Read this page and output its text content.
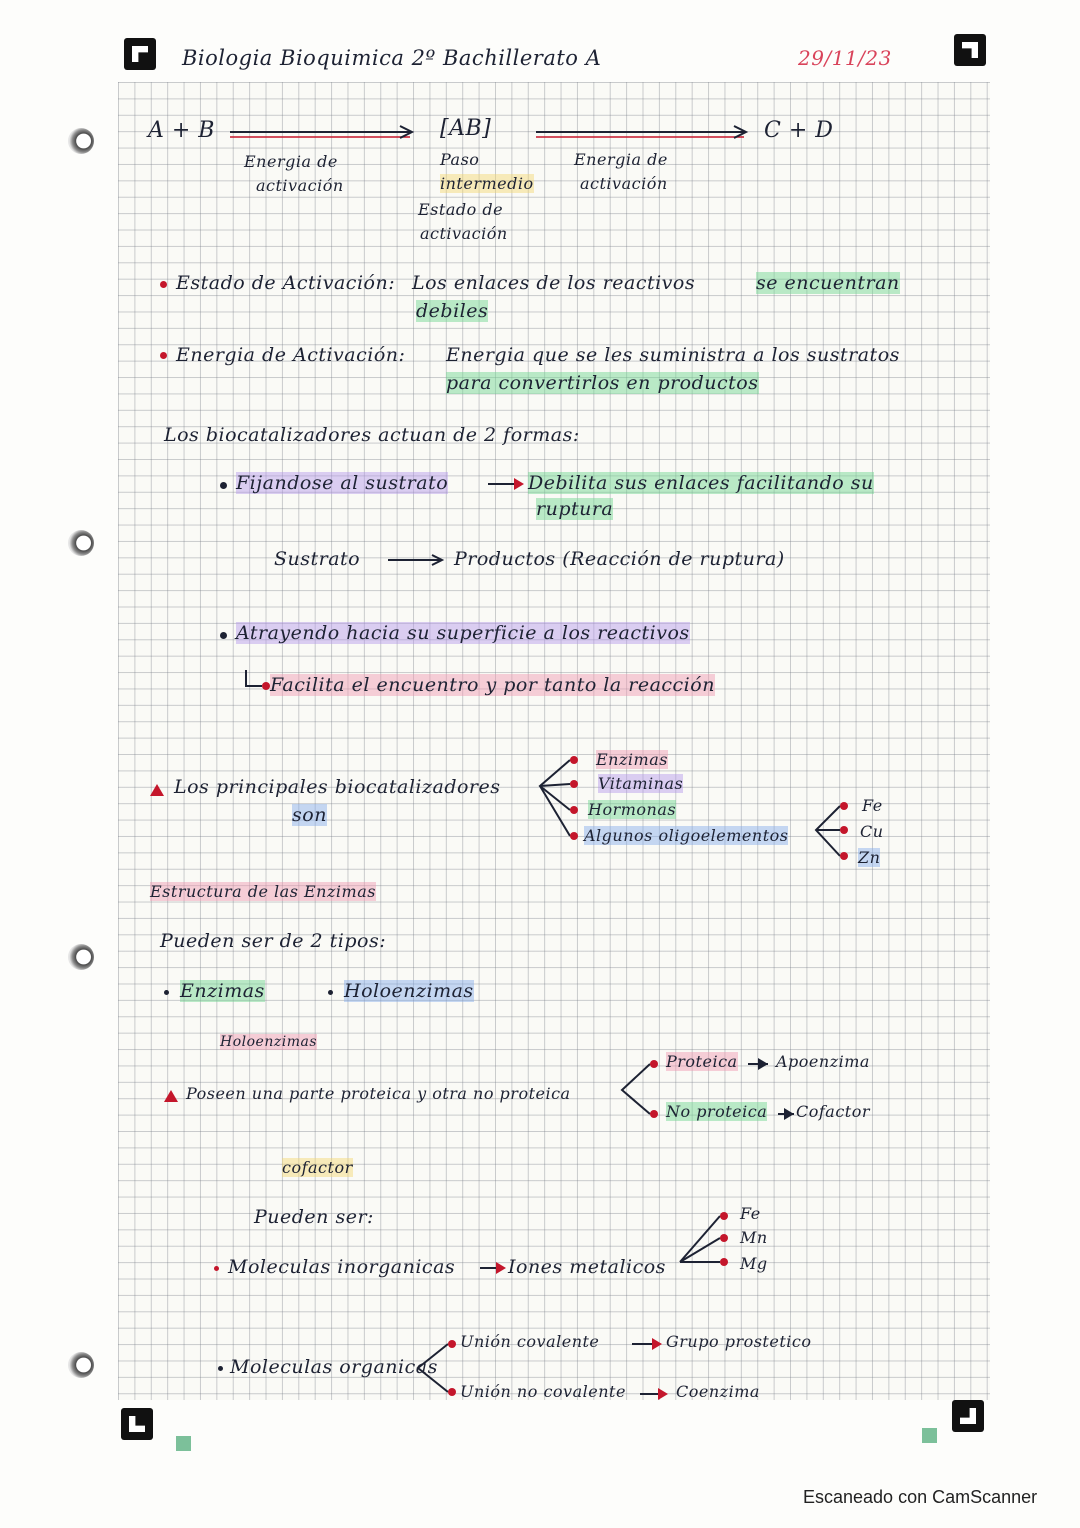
Biologia Bioquimica 2º Bachillerato A	29/11/23
A + B	[AB]	C + D
Energia de
activación
Paso
intermedio
Estado de
activación
Energia de
activación
Estado de Activación: Los enlaces de los reactivos	se encuentran
debiles
Energia de Activación: Energia que se les suministra a los sustratos
para convertirlos en productos
Los biocatalizadores actuan de 2 formas:
Fijandose al sustrato	Debilita sus enlaces facilitando su
ruptura
Sustrato	Productos (Reacción de ruptura)
Atrayendo hacia su superficie a los reactivos
Facilita el encuentro y por tanto la reacción
Los principales biocatalizadores
son
Enzimas
Vitaminas
Hormonas
Algunos oligoelementos
Fe
Cu
Zn
Estructura de las Enzimas
Pueden ser de 2 tipos:
Enzimas	Holoenzimas
Holoenzimas
Poseen una parte proteica y otra no proteica
Proteica Apoenzima
No proteica Cofactor
cofactor
Pueden ser:
Moleculas inorganicas	Iones metalicos
Fe
Mn
Mg
Moleculas organicas
Unión covalente	Grupo prostetico
Unión no covalente	Coenzima
Escaneado con CamScanner
